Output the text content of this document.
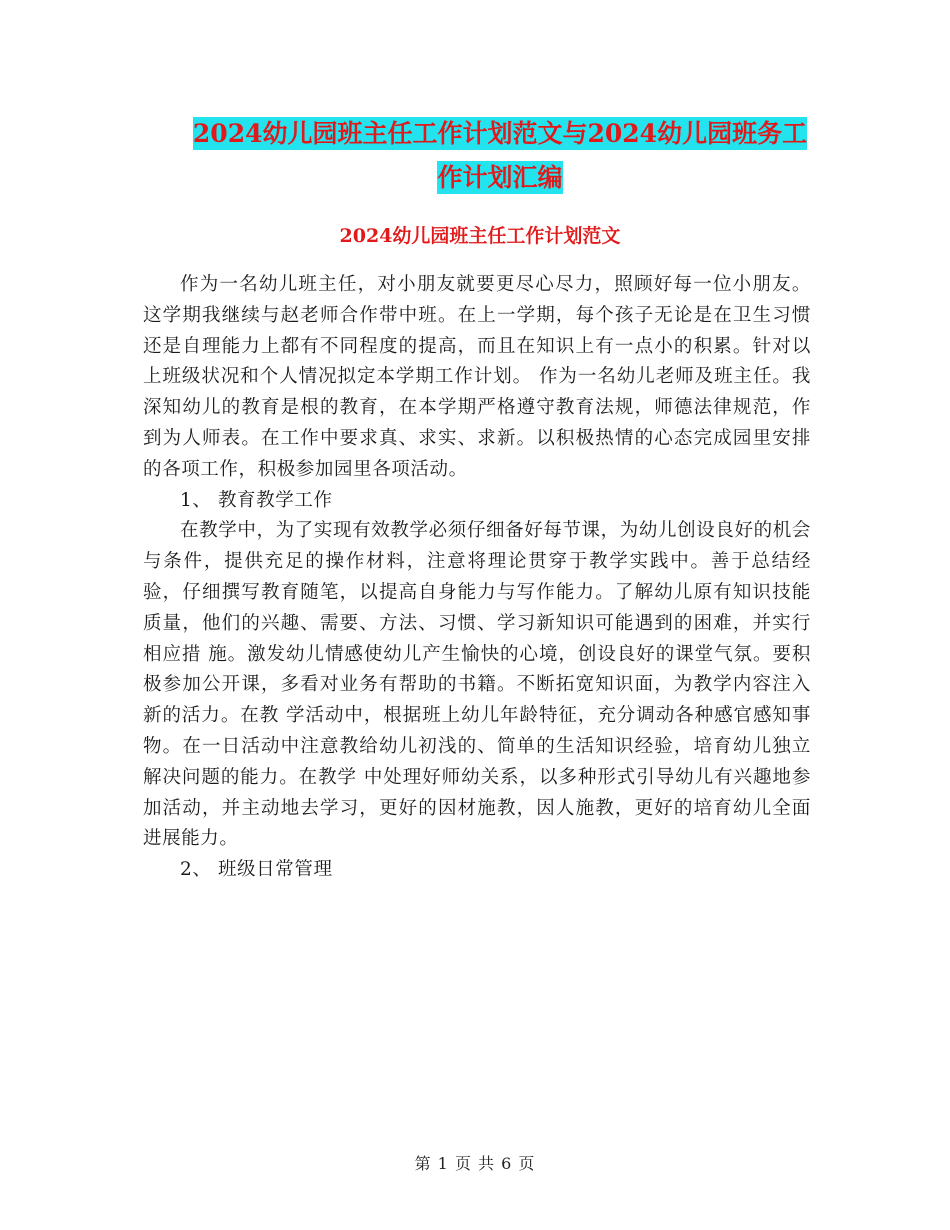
2024幼儿园班主任工作计划范文与2024幼儿园班务工
作计划汇编
2024幼儿园班主任工作计划范文

作为一名幼儿班主任，对小朋友就要更尽心尽力，照顾好每一位小朋友。 这学期我继续与赵老师合作带中班。在上一学期，每个孩子无论是在卫生习惯还是自理能力上都有不同程度的提高，而且在知识上有一点小的积累。针对以上班级状况和个人情况拟定本学期工作计划。 作为一名幼儿老师及班主任。我深知幼儿的教育是根的教育，在本学期严格遵守教育法规，师德法律规范，作到为人师表。在工作中要求真、求实、求新。以积极热情的心态完成园里安排的各项工作，积极参加园里各项活动。

1、 教育教学工作

在教学中，为了实现有效教学必须仔细备好每节课，为幼儿创设良好的机会与条件，提供充足的操作材料，注意将理论贯穿于教学实践中。善于总结经 验，仔细撰写教育随笔，以提高自身能力与写作能力。了解幼儿原有知识技能质量，他们的兴趣、需要、方法、习惯、学习新知识可能遇到的困难，并实行相应措 施。激发幼儿情感使幼儿产生愉快的心境，创设良好的课堂气氛。要积极参加公开课，多看对业务有帮助的书籍。不断拓宽知识面，为教学内容注入新的活力。在教 学活动中，根据班上幼儿年龄特征，充分调动各种感官感知事物。在一日活动中注意教给幼儿初浅的、简单的生活知识经验，培育幼儿独立解决问题的能力。在教学 中处理好师幼关系，以多种形式引导幼儿有兴趣地参加活动，并主动地去学习，更好的因材施教，因人施教，更好的培育幼儿全面进展能力。

2、 班级日常管理

第 1 页 共 6 页
